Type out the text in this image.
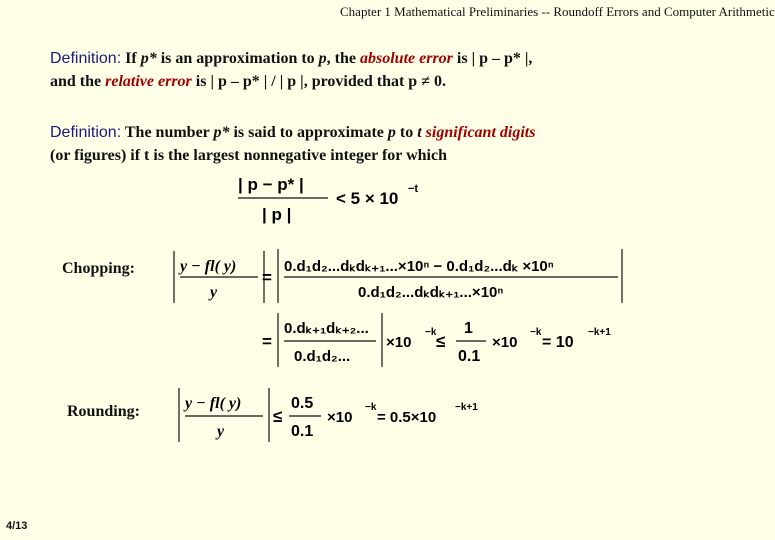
Chapter 1 Mathematical Preliminaries -- Roundoff Errors and Computer Arithmetic
Definition: If p* is an approximation to p, the absolute error is | p – p* |,
and the relative error is | p – p* | / | p |, provided that p ≠ 0.
Definition: The number p* is said to approximate p to t significant digits
(or figures) if t is the largest nonnegative integer for which
| p − p* |
| p |
< 5 × 10 −t
Chopping:	y − fl( y)
y
=
0.d₁d₂...dₖdₖ₊₁...×10ⁿ − 0.d₁d₂...dₖ ×10ⁿ
0.d₁d₂...dₖdₖ₊₁...×10ⁿ
=
0.dₖ₊₁dₖ₊₂...
0.d₁d₂...
×10
−k ≤
1
0.1
×10
−k
= 10
−k+1
Rounding:	y − fl( y)
y
≤
0.5
0.1
×10
−k
= 0.5×10
−k+1
4/13
